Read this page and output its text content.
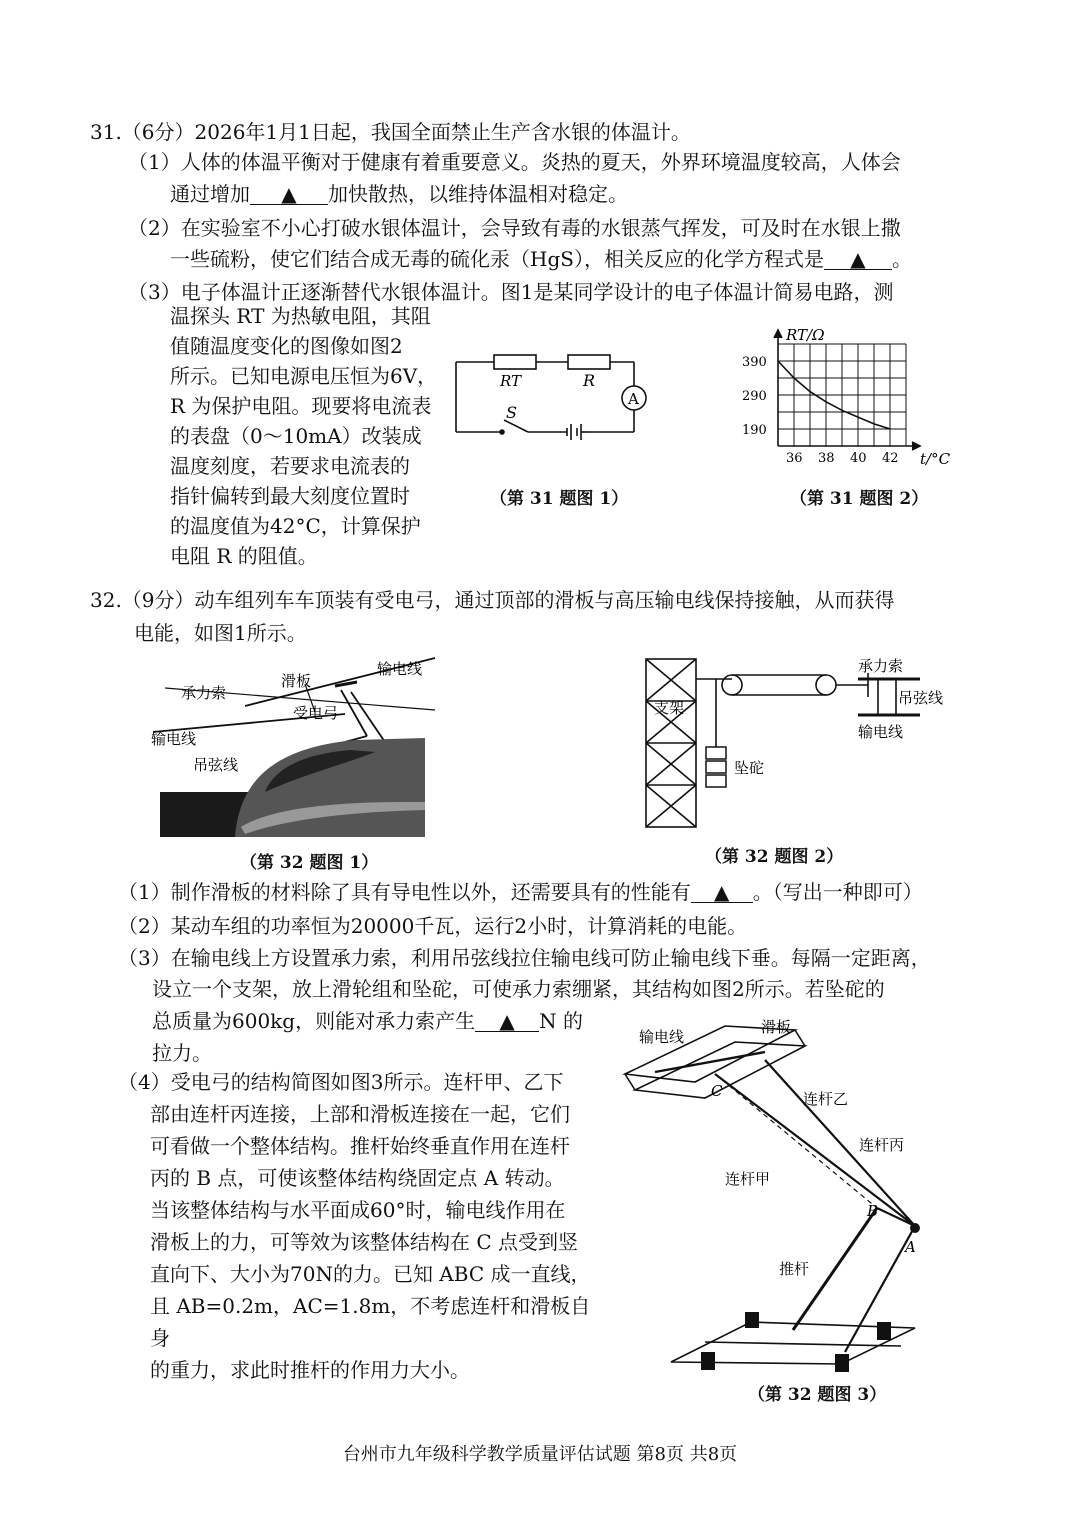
31.（6分）2026年1月1日起，我国全面禁止生产含水银的体温计。
（1）人体的体温平衡对于健康有着重要意义。炎热的夏天，外界环境温度较高，人体会
通过增加 ▲ 加快散热，以维持体温相对稳定。
（2）在实验室不小心打破水银体温计，会导致有毒的水银蒸气挥发，可及时在水银上撒
一些硫粉，使它们结合成无毒的硫化汞（HgS），相关反应的化学方程式是 ▲ 。
（3）电子体温计正逐渐替代水银体温计。图1是某同学设计的电子体温计简易电路，测
温探头 RT 为热敏电阻，其阻
值随温度变化的图像如图2
所示。已知电源电压恒为6V，
R 为保护电阻。现要将电流表
的表盘（0～10mA）改装成
温度刻度，若要求电流表的
指针偏转到最大刻度位置时
的温度值为42°C，计算保护
电阻 R 的阻值。
RT	R
A
S
（第 31 题图 1）
190
290
390
36 38 40 42
RT/Ω
t/°C
（第 31 题图 2）
32.（9分）动车组列车车顶装有受电弓，通过顶部的滑板与高压输电线保持接触，从而获得
电能，如图1所示。
输电线
滑板
承力索
受电弓
输电线
吊弦线
（第 32 题图 1）
支架
坠砣
承力索
吊弦线
输电线
（第 32 题图 2）
（1）制作滑板的材料除了具有导电性以外，还需要具有的性能有 ▲ 。（写出一种即可）
（2）某动车组的功率恒为20000千瓦，运行2小时，计算消耗的电能。
（3）在输电线上方设置承力索，利用吊弦线拉住输电线可防止输电线下垂。每隔一定距离，
设立一个支架，放上滑轮组和坠砣，可使承力索绷紧，其结构如图2所示。若坠砣的
总质量为600kg，则能对承力索产生 ▲ N 的
拉力。
（4）受电弓的结构简图如图3所示。连杆甲、乙下
部由连杆丙连接，上部和滑板连接在一起，它们
可看做一个整体结构。推杆始终垂直作用在连杆
丙的 B 点，可使该整体结构绕固定点 A 转动。
当该整体结构与水平面成60°时，输电线作用在
滑板上的力，可等效为该整体结构在 C 点受到竖
直向下、大小为70N的力。已知 ABC 成一直线，
且 AB=0.2m，AC=1.8m，不考虑连杆和滑板自身
的重力，求此时推杆的作用力大小。
输电线
滑板
C	连杆乙
连杆丙
连杆甲
B
A
推杆
（第 32 题图 3）
台州市九年级科学教学质量评估试题 第8页 共8页
